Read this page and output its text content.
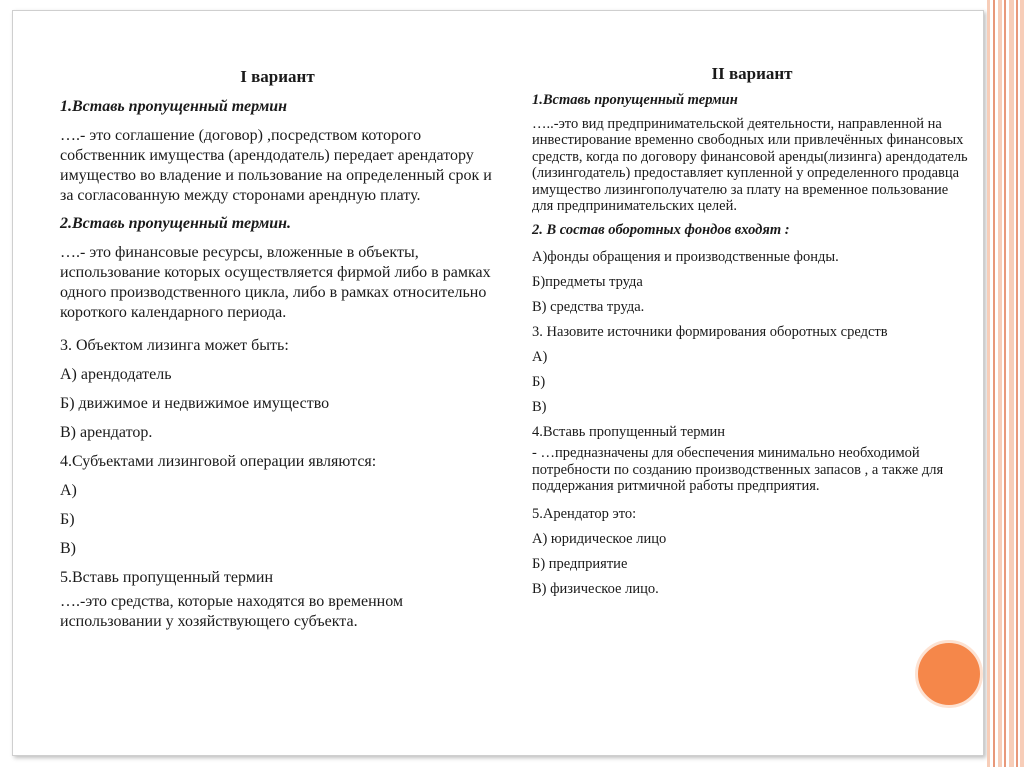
I вариант
1.Вставь пропущенный термин

….- это соглашение (договор) ,посредством которого собственник имущества (арендодатель) передает арендатору имущество во владение и пользование на определенный срок и за согласованную между сторонами арендную плату.

2.Вставь пропущенный термин.

….- это финансовые ресурсы, вложенные в объекты, использование которых осуществляется фирмой либо в рамках одного производственного цикла, либо в рамках относительно короткого календарного периода.

3. Объектом лизинга может быть:
А) арендодатель
Б) движимое и недвижимое имущество
В) арендатор.
4.Субъектами лизинговой операции являются:
А)
Б)
В)
5.Вставь пропущенный термин

….-это средства, которые находятся во временном использовании у хозяйствующего субъекта.

II вариант
1.Вставь пропущенный термин

…..-это вид предпринимательской деятельности, направленной на инвестирование временно свободных или привлечённых финансовых средств, когда по договору финансовой аренды(лизинга) арендодатель (лизингодатель) предоставляет купленной у определенного продавца имущество лизингополучателю за плату на временное пользование для предпринимательских целей.

2. В состав оборотных фондов входят :
А)фонды обращения и производственные фонды.
Б)предметы труда
В) средства труда.
3. Назовите источники формирования оборотных средств
А)
Б)
В)
4.Вставь пропущенный термин

- …предназначены для обеспечения минимально необходимой потребности по созданию производственных запасов , а также для поддержания ритмичной работы предприятия.

5.Арендатор это:
А) юридическое лицо
Б) предприятие
В) физическое лицо.
